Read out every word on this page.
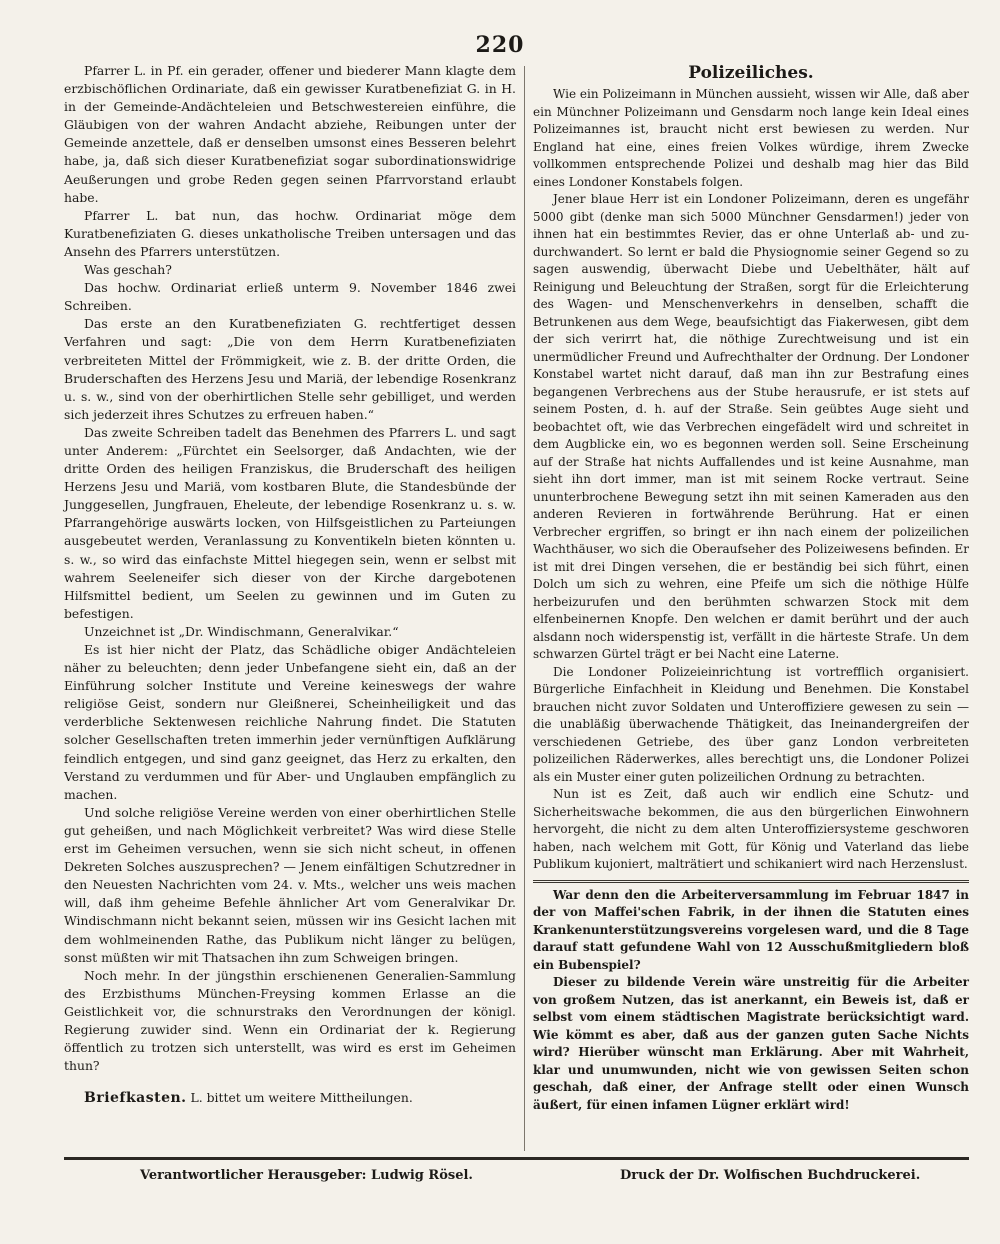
220

Pfarrer L. in Pf. ein gerader, offener und biederer Mann klagte dem erzbischöflichen Ordinariate, daß ein gewisser Kuratbenefiziat G. in H. in der Gemeinde-Andächteleien und Betschwestereien einführe, die Gläubigen von der wahren Andacht abziehe, Reibungen unter der Gemeinde anzettele, daß er denselben umsonst eines Besseren belehrt habe, ja, daß sich dieser Kuratbenefiziat sogar subordinationswidrige Aeußerungen und grobe Reden gegen seinen Pfarrvorstand erlaubt habe.

Pfarrer L. bat nun, das hochw. Ordinariat möge dem Kuratbenefiziaten G. dieses unkatholische Treiben untersagen und das Ansehn des Pfarrers unterstützen.

Was geschah?

Das hochw. Ordinariat erließ unterm 9. November 1846 zwei Schreiben.

Das erste an den Kuratbenefiziaten G. rechtfertiget dessen Verfahren und sagt: „Die von dem Herrn Kuratbenefiziaten verbreiteten Mittel der Frömmigkeit, wie z. B. der dritte Orden, die Bruderschaften des Herzens Jesu und Mariä, der lebendige Rosenkranz u. s. w., sind von der oberhirtlichen Stelle sehr gebilliget, und werden sich jederzeit ihres Schutzes zu erfreuen haben.“

Das zweite Schreiben tadelt das Benehmen des Pfarrers L. und sagt unter Anderem: „Fürchtet ein Seelsorger, daß Andachten, wie der dritte Orden des heiligen Franziskus, die Bruderschaft des heiligen Herzens Jesu und Mariä, vom kostbaren Blute, die Standesbünde der Junggesellen, Jungfrauen, Eheleute, der lebendige Rosenkranz u. s. w. Pfarrangehörige auswärts locken, von Hilfsgeistlichen zu Parteiungen ausgebeutet werden, Veranlassung zu Konventikeln bieten könnten u. s. w., so wird das einfachste Mittel hiegegen sein, wenn er selbst mit wahrem Seeleneifer sich dieser von der Kirche dargebotenen Hilfsmittel bedient, um Seelen zu gewinnen und im Guten zu befestigen.

Unzeichnet ist „Dr. Windischmann, Generalvikar.“

Es ist hier nicht der Platz, das Schädliche obiger Andächteleien näher zu beleuchten; denn jeder Unbefangene sieht ein, daß an der Einführung solcher Institute und Vereine keineswegs der wahre religiöse Geist, sondern nur Gleißnerei, Scheinheiligkeit und das verderbliche Sektenwesen reichliche Nahrung findet. Die Statuten solcher Gesellschaften treten immerhin jeder vernünftigen Aufklärung feindlich entgegen, und sind ganz geeignet, das Herz zu erkalten, den Verstand zu verdummen und für Aber- und Unglauben empfänglich zu machen.

Und solche religiöse Vereine werden von einer oberhirtlichen Stelle gut geheißen, und nach Möglichkeit verbreitet? Was wird diese Stelle erst im Geheimen versuchen, wenn sie sich nicht scheut, in offenen Dekreten Solches auszusprechen? — Jenem einfältigen Schutzredner in den Neuesten Nachrichten vom 24. v. Mts., welcher uns weis machen will, daß ihm geheime Befehle ähnlicher Art vom Generalvikar Dr. Windischmann nicht bekannt seien, müssen wir ins Gesicht lachen mit dem wohlmeinenden Rathe, das Publikum nicht länger zu belügen, sonst müßten wir mit Thatsachen ihn zum Schweigen bringen.

Noch mehr. In der jüngsthin erschienenen Generalien-Sammlung des Erzbisthums München-Freysing kommen Erlasse an die Geistlichkeit vor, die schnurstraks den Verordnungen der königl. Regierung zuwider sind. Wenn ein Ordinariat der k. Regierung öffentlich zu trotzen sich unterstellt, was wird es erst im Geheimen thun?

Briefkasten. L. bittet um weitere Mittheilungen.

Polizeiliches.

Wie ein Polizeimann in München aussieht, wissen wir Alle, daß aber ein Münchner Polizeimann und Gensdarm noch lange kein Ideal eines Polizeimannes ist, braucht nicht erst bewiesen zu werden. Nur England hat eine, eines freien Volkes würdige, ihrem Zwecke vollkommen entsprechende Polizei und deshalb mag hier das Bild eines Londoner Konstabels folgen.

Jener blaue Herr ist ein Londoner Polizeimann, deren es ungefähr 5000 gibt (denke man sich 5000 Münchner Gensdarmen!) jeder von ihnen hat ein bestimmtes Revier, das er ohne Unterlaß ab- und zu- durchwandert. So lernt er bald die Physiognomie seiner Gegend so zu sagen auswendig, überwacht Diebe und Uebelthäter, hält auf Reinigung und Beleuchtung der Straßen, sorgt für die Erleichterung des Wagen- und Menschenverkehrs in denselben, schafft die Betrunkenen aus dem Wege, beaufsichtigt das Fiakerwesen, gibt dem der sich verirrt hat, die nöthige Zurechtweisung und ist ein unermüdlicher Freund und Aufrechthalter der Ordnung. Der Londoner Konstabel wartet nicht darauf, daß man ihn zur Bestrafung eines begangenen Verbrechens aus der Stube herausrufe, er ist stets auf seinem Posten, d. h. auf der Straße. Sein geübtes Auge sieht und beobachtet oft, wie das Verbrechen eingefädelt wird und schreitet in dem Augblicke ein, wo es begonnen werden soll. Seine Erscheinung auf der Straße hat nichts Auffallendes und ist keine Ausnahme, man sieht ihn dort immer, man ist mit seinem Rocke vertraut. Seine ununterbrochene Bewegung setzt ihn mit seinen Kameraden aus den anderen Revieren in fortwährende Berührung. Hat er einen Verbrecher ergriffen, so bringt er ihn nach einem der polizeilichen Wachthäuser, wo sich die Oberaufseher des Polizeiwesens befinden. Er ist mit drei Dingen versehen, die er beständig bei sich führt, einen Dolch um sich zu wehren, eine Pfeife um sich die nöthige Hülfe herbeizurufen und den berühmten schwarzen Stock mit dem elfenbeinernen Knopfe. Den welchen er damit berührt und der auch alsdann noch widerspenstig ist, verfällt in die härteste Strafe. Un dem schwarzen Gürtel trägt er bei Nacht eine Laterne.

Die Londoner Polizeieinrichtung ist vortrefflich organisiert. Bürgerliche Einfachheit in Kleidung und Benehmen. Die Konstabel brauchen nicht zuvor Soldaten und Unteroffiziere gewesen zu sein — die unabläßig überwachende Thätigkeit, das Ineinandergreifen der verschiedenen Getriebe, des über ganz London verbreiteten polizeilichen Räderwerkes, alles berechtigt uns, die Londoner Polizei als ein Muster einer guten polizeilichen Ordnung zu betrachten.

Nun ist es Zeit, daß auch wir endlich eine Schutz- und Sicherheitswache bekommen, die aus den bürgerlichen Einwohnern hervorgeht, die nicht zu dem alten Unteroffiziersysteme geschworen haben, nach welchem mit Gott, für König und Vaterland das liebe Publikum kujoniert, malträtiert und schikaniert wird nach Herzenslust.

War denn den die Arbeiterversammlung im Februar 1847 in der von Maffei'schen Fabrik, in der ihnen die Statuten eines Krankenunterstützungsvereins vorgelesen ward, und die 8 Tage darauf statt gefundene Wahl von 12 Ausschußmitgliedern bloß ein Bubenspiel?

Dieser zu bildende Verein wäre unstreitig für die Arbeiter von großem Nutzen, das ist anerkannt, ein Beweis ist, daß er selbst vom einem städtischen Magistrate berücksichtigt ward. Wie kömmt es aber, daß aus der ganzen guten Sache Nichts wird? Hierüber wünscht man Erklärung. Aber mit Wahrheit, klar und unumwunden, nicht wie von gewissen Seiten schon geschah, daß einer, der Anfrage stellt oder einen Wunsch äußert, für einen infamen Lügner erklärt wird!

Verantwortlicher Herausgeber: Ludwig Rösel.	Druck der Dr. Wolfischen Buchdruckerei.
